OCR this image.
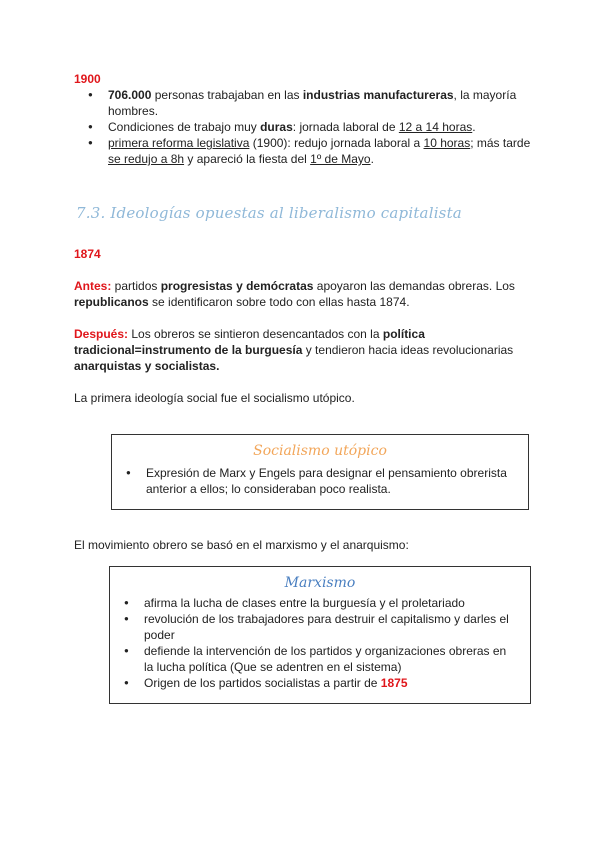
1900
● 706.000 personas trabajaban en las industrias manufactureras, la mayoría hombres.
● Condiciones de trabajo muy duras: jornada laboral de 12 a 14 horas.
● primera reforma legislativa (1900): redujo jornada laboral a 10 horas; más tarde se redujo a 8h y apareció la fiesta del 1º de Mayo.
7.3. Ideologías opuestas al liberalismo capitalista
1874
Antes: partidos progresistas y demócratas apoyaron las demandas obreras. Los republicanos se identificaron sobre todo con ellas hasta 1874.
Después: Los obreros se sintieron desencantados con la política tradicional=instrumento de la burguesía y tendieron hacia ideas revolucionarias anarquistas y socialistas.
La primera ideología social fue el socialismo utópico.
Socialismo utópico
● Expresión de Marx y Engels para designar el pensamiento obrerista anterior a ellos; lo consideraban poco realista.
El movimiento obrero se basó en el marxismo y el anarquismo:
Marxismo
● afirma la lucha de clases entre la burguesía y el proletariado
● revolución de los trabajadores para destruir el capitalismo y darles el poder
● defiende la intervención de los partidos y organizaciones obreras en la lucha política (Que se adentren en el sistema)
● Origen de los partidos socialistas a partir de 1875
